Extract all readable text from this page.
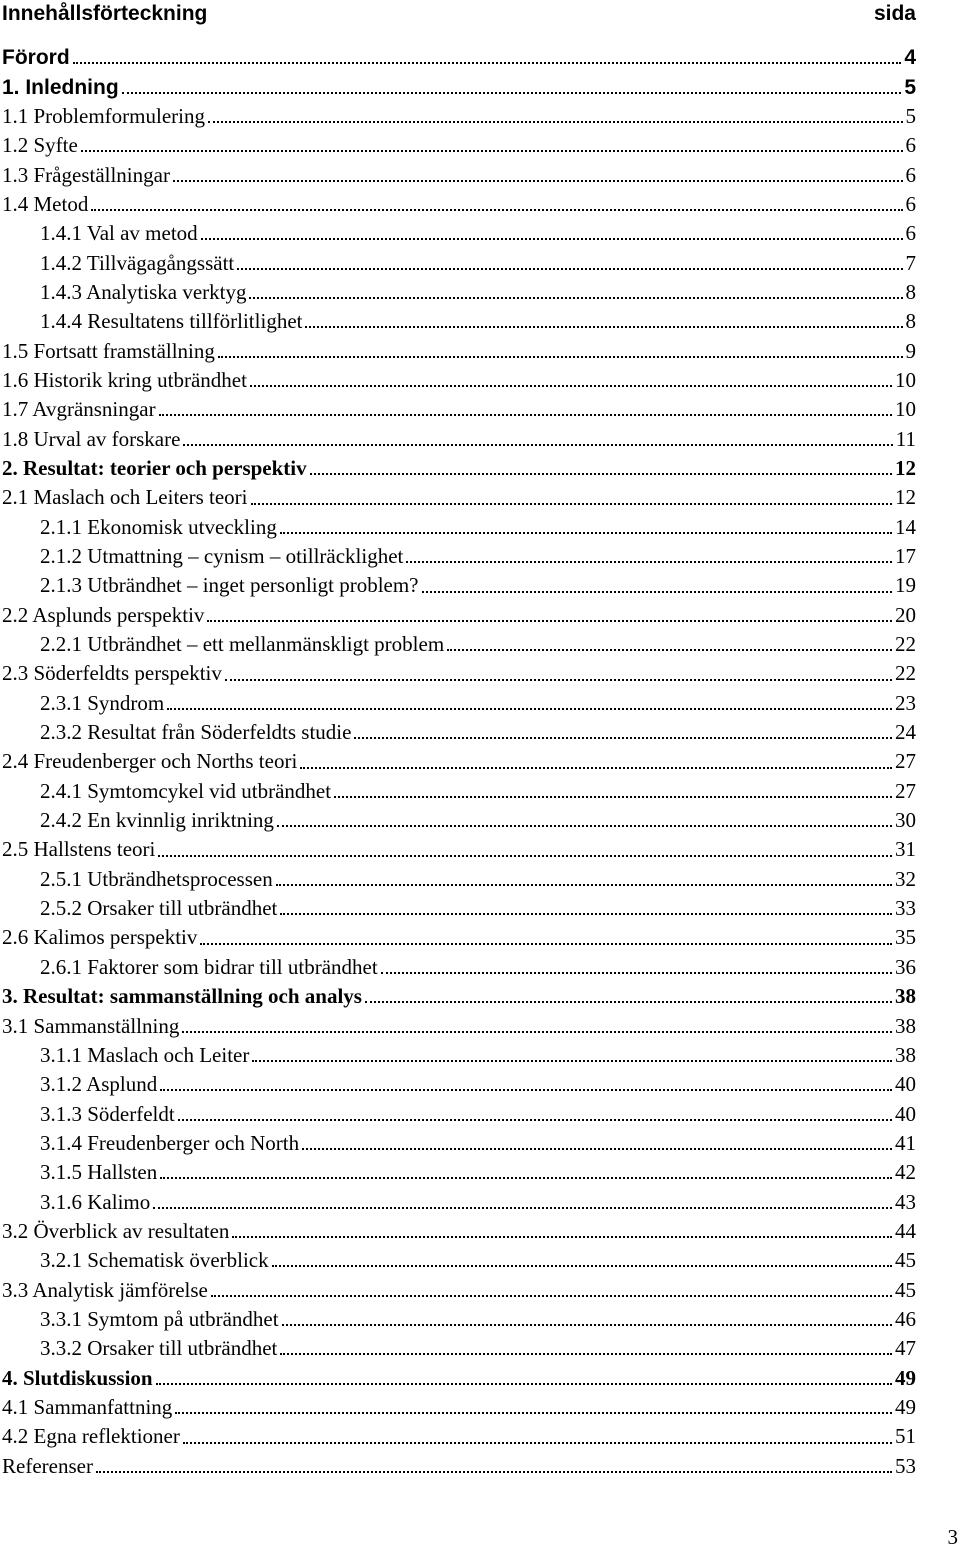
Innehållsförteckning	sida
Förord	4
1. Inledning	5
1.1 Problemformulering	5
1.2 Syfte	6
1.3 Frågeställningar	6
1.4 Metod	6
1.4.1 Val av metod	6
1.4.2 Tillvägagångssätt	7
1.4.3 Analytiska verktyg	8
1.4.4 Resultatens tillförlitlighet	8
1.5 Fortsatt framställning	9
1.6 Historik kring utbrändhet	10
1.7 Avgränsningar	10
1.8 Urval av forskare	11
2. Resultat: teorier och perspektiv	12
2.1 Maslach och Leiters teori	12
2.1.1 Ekonomisk utveckling	14
2.1.2 Utmattning – cynism – otillräcklighet	17
2.1.3 Utbrändhet – inget personligt problem?	19
2.2 Asplunds perspektiv	20
2.2.1 Utbrändhet – ett mellanmänskligt problem	22
2.3 Söderfeldts perspektiv	22
2.3.1 Syndrom	23
2.3.2 Resultat från Söderfeldts studie	24
2.4 Freudenberger och Norths teori	27
2.4.1 Symtomcykel vid utbrändhet	27
2.4.2 En kvinnlig inriktning	30
2.5 Hallstens teori	31
2.5.1 Utbrändhetsprocessen	32
2.5.2 Orsaker till utbrändhet	33
2.6 Kalimos perspektiv	35
2.6.1 Faktorer som bidrar till utbrändhet	36
3. Resultat: sammanställning och analys	38
3.1 Sammanställning	38
3.1.1 Maslach och Leiter	38
3.1.2 Asplund	40
3.1.3 Söderfeldt	40
3.1.4 Freudenberger och North	41
3.1.5 Hallsten	42
3.1.6 Kalimo	43
3.2 Överblick av resultaten	44
3.2.1 Schematisk överblick	45
3.3 Analytisk jämförelse	45
3.3.1 Symtom på utbrändhet	46
3.3.2 Orsaker till utbrändhet	47
4. Slutdiskussion	49
4.1 Sammanfattning	49
4.2 Egna reflektioner	51
Referenser	53
3
